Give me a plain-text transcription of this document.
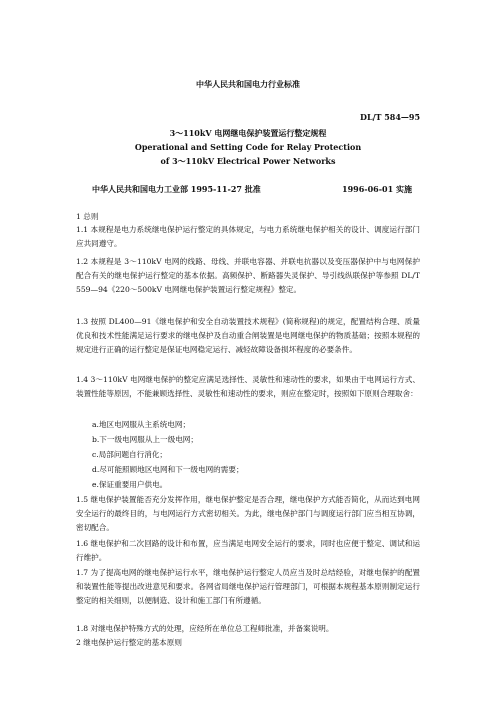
中华人民共和国电力行业标准
DL/T 584—95
3～110kV 电网继电保护装置运行整定规程
Operational and Setting Code for Relay Protection
of 3～110kV Electrical Power Networks
中华人民共和国电力工业部 1995-11-27 批准	1996-06-01 实施
1 总则
1.1 本规程是电力系统继电保护运行整定的具体规定，与电力系统继电保护相关的设计、调度运行部门应共同遵守。
1.2 本规程是 3～110kV 电网的线路、母线、并联电容器、并联电抗器以及变压器保护中与电网保护配合有关的继电保护运行整定的基本依据。高频保护、断路器失灵保护、导引线纵联保护等参照 DL/T559—94《220～500kV 电网继电保护装置运行整定规程》整定。
1.3 按照 DL400—91《继电保护和安全自动装置技术规程》(简称规程)的规定，配置结构合理、质量优良和技术性能满足运行要求的继电保护及自动重合闸装置是电网继电保护的物质基础；按照本规程的规定进行正确的运行整定是保证电网稳定运行、减轻故障设备损坏程度的必要条件。
1.4 3～110kV 电网继电保护的整定应满足选择性、灵敏性和速动性的要求，如果由于电网运行方式、装置性能等原因，不能兼顾选择性、灵敏性和速动性的要求，则应在整定时，按照如下原则合理取舍：
a.地区电网服从主系统电网；
b.下一级电网服从上一级电网；
c.局部问题自行消化；
d.尽可能照顾地区电网和下一级电网的需要；
e.保证重要用户供电。
1.5 继电保护装置能否充分发挥作用，继电保护整定是否合理，继电保护方式能否简化，从而达到电网安全运行的最终目的，与电网运行方式密切相关。为此，继电保护部门与调度运行部门应当相互协调，密切配合。
1.6 继电保护和二次回路的设计和布置，应当满足电网安全运行的要求，同时也应便于整定、调试和运行维护。
1.7 为了提高电网的继电保护运行水平，继电保护运行整定人员应当及时总结经验，对继电保护的配置和装置性能等提出改进意见和要求。各网省局继电保护运行管理部门，可根据本规程基本原则制定运行整定的相关细则，以便制造、设计和施工部门有所遵循。
1.8 对继电保护特殊方式的处理，应经所在单位总工程师批准，并备案说明。
2 继电保护运行整定的基本原则
